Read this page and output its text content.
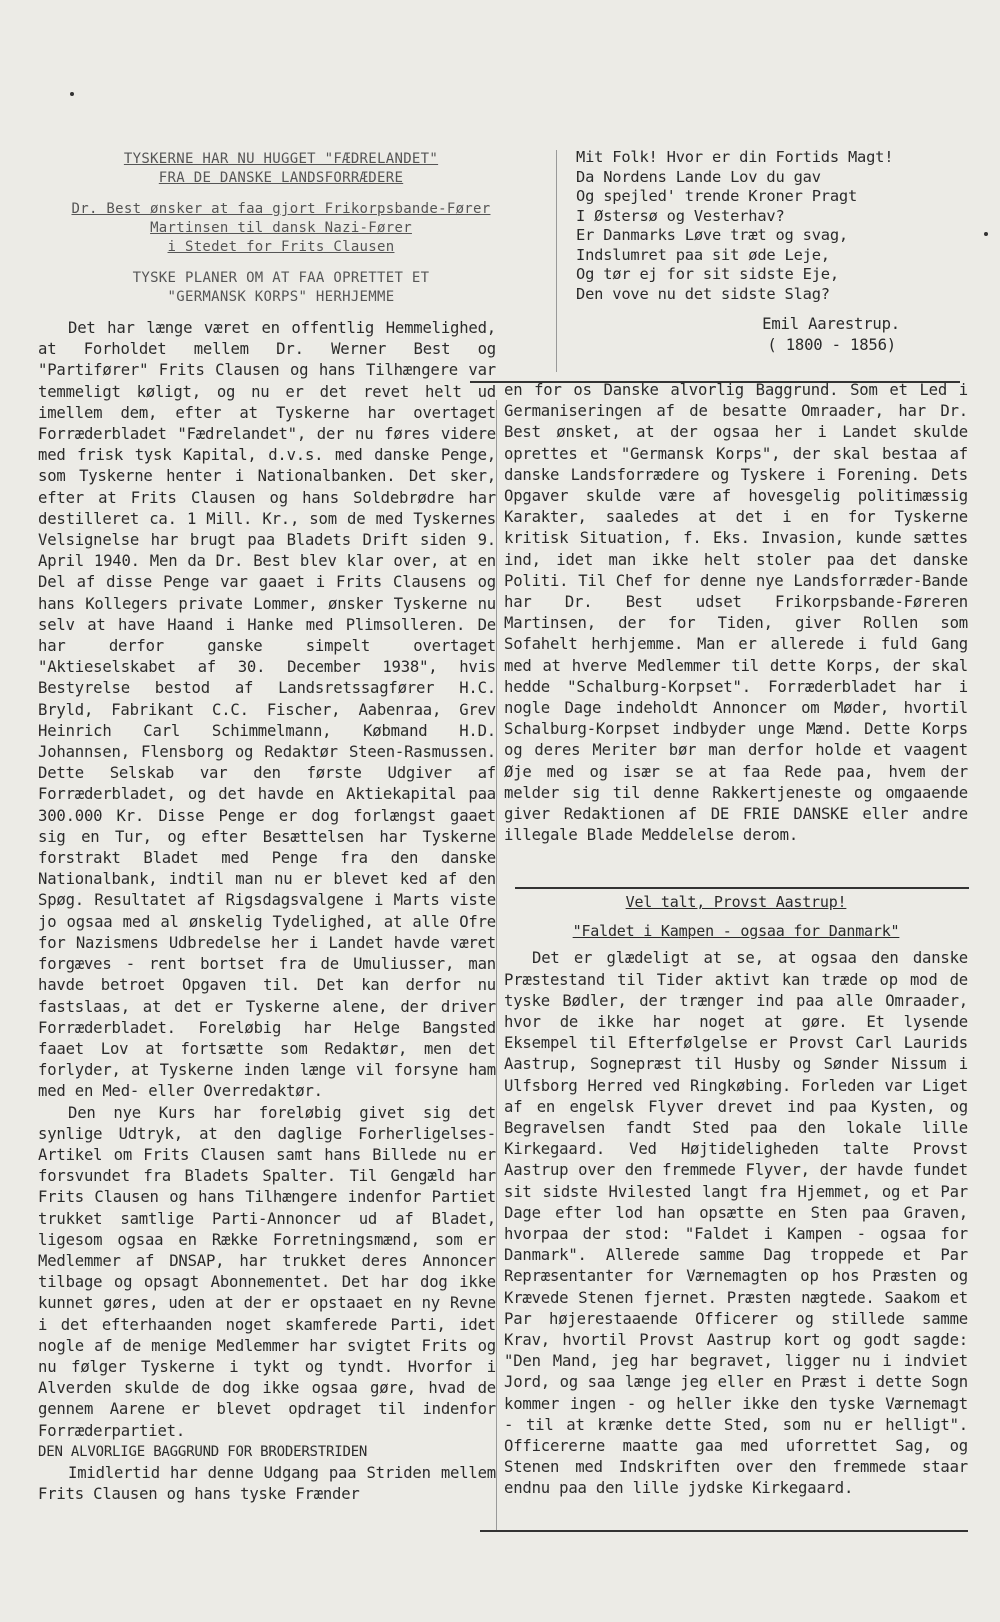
TYSKERNE HAR NU HUGGET "FÆDRELANDET"
FRA DE DANSKE LANDSFORRÆDERE
Dr. Best ønsker at faa gjort Frikorpsbande-Fører
Martinsen til dansk Nazi-Fører
i Stedet for Frits Clausen
TYSKE PLANER OM AT FAA OPRETTET ET
"GERMANSK KORPS" HERHJEMME
Mit Folk! Hvor er din Fortids Magt!
Da Nordens Lande Lov du gav
Og spejled' trende Kroner Pragt
I Østersø og Vesterhav?
Er Danmarks Løve træt og svag,
Indslumret paa sit øde Leje,
Og tør ej for sit sidste Eje,
Den vove nu det sidste Slag?
Emil Aarestrup.
( 1800 - 1856)

Det har længe været en offentlig Hemmelighed, at Forholdet mellem Dr. Werner Best og "Partifører" Frits Clausen og hans Tilhængere var temmeligt køligt, og nu er det revet helt ud imellem dem, efter at Tyskerne har overtaget Forræderbladet "Fædrelandet", der nu føres videre med frisk tysk Kapital, d.v.s. med danske Penge, som Tyskerne henter i Nationalbanken. Det sker, efter at Frits Clausen og hans Soldebrødre har destilleret ca. 1 Mill. Kr., som de med Tyskernes Velsignelse har brugt paa Bladets Drift siden 9. April 1940. Men da Dr. Best blev klar over, at en Del af disse Penge var gaaet i Frits Clausens og hans Kollegers private Lommer, ønsker Tyskerne nu selv at have Haand i Hanke med Plimsolleren. De har derfor ganske simpelt overtaget "Aktieselskabet af 30. December 1938", hvis Bestyrelse bestod af Landsretssagfører H.C. Bryld, Fabrikant C.C. Fischer, Aabenraa, Grev Heinrich Carl Schimmelmann, Købmand H.D. Johannsen, Flensborg og Redaktør Steen-Rasmussen. Dette Selskab var den første Udgiver af Forræderbladet, og det havde en Aktiekapital paa 300.000 Kr. Disse Penge er dog forlængst gaaet sig en Tur, og efter Besættelsen har Tyskerne forstrakt Bladet med Penge fra den danske Nationalbank, indtil man nu er blevet ked af den Spøg. Resultatet af Rigsdagsvalgene i Marts viste jo ogsaa med al ønskelig Tydelighed, at alle Ofre for Nazismens Udbredelse her i Landet havde været forgæves - rent bortset fra de Umuliusser, man havde betroet Opgaven til. Det kan derfor nu fastslaas, at det er Tyskerne alene, der driver Forræderbladet. Foreløbig har Helge Bangsted faaet Lov at fortsætte som Redaktør, men det forlyder, at Tyskerne inden længe vil forsyne ham med en Med- eller Overredaktør.

Den nye Kurs har foreløbig givet sig det synlige Udtryk, at den daglige Forherligelses-Artikel om Frits Clausen samt hans Billede nu er forsvundet fra Bladets Spalter. Til Gengæld har Frits Clausen og hans Tilhængere indenfor Partiet trukket samtlige Parti-Annoncer ud af Bladet, ligesom ogsaa en Række Forretningsmænd, som er Medlemmer af DNSAP, har trukket deres Annoncer tilbage og opsagt Abonnementet. Det har dog ikke kunnet gøres, uden at der er opstaaet en ny Revne i det efterhaanden noget skamferede Parti, idet nogle af de menige Medlemmer har svigtet Frits og nu følger Tyskerne i tykt og tyndt. Hvorfor i Alverden skulde de dog ikke ogsaa gøre, hvad de gennem Aarene er blevet opdraget til indenfor Forræderpartiet.

DEN ALVORLIGE BAGGRUND FOR BRODERSTRIDEN

Imidlertid har denne Udgang paa Striden mellem Frits Clausen og hans tyske Frænder

en for os Danske alvorlig Baggrund. Som et Led i Germaniseringen af de besatte Omraader, har Dr. Best ønsket, at der ogsaa her i Landet skulde oprettes et "Germansk Korps", der skal bestaa af danske Landsforrædere og Tyskere i Forening. Dets Opgaver skulde være af hovesgelig politimæssig Karakter, saaledes at det i en for Tyskerne kritisk Situation, f. Eks. Invasion, kunde sættes ind, idet man ikke helt stoler paa det danske Politi. Til Chef for denne nye Landsforræder-Bande har Dr. Best udset Frikorpsbande-Føreren Martinsen, der for Tiden, giver Rollen som Sofahelt herhjemme. Man er allerede i fuld Gang med at hverve Medlemmer til dette Korps, der skal hedde "Schalburg-Korpset". Forræderbladet har i nogle Dage indeholdt Annoncer om Møder, hvortil Schalburg-Korpset indbyder unge Mænd. Dette Korps og deres Meriter bør man derfor holde et vaagent Øje med og især se at faa Rede paa, hvem der melder sig til denne Rakkertjeneste og omgaaende giver Redaktionen af DE FRIE DANSKE eller andre illegale Blade Meddelelse derom.

Vel talt, Provst Aastrup!
"Faldet i Kampen - ogsaa for Danmark"

Det er glædeligt at se, at ogsaa den danske Præstestand til Tider aktivt kan træde op mod de tyske Bødler, der trænger ind paa alle Omraader, hvor de ikke har noget at gøre. Et lysende Eksempel til Efterfølgelse er Provst Carl Laurids Aastrup, Sognepræst til Husby og Sønder Nissum i Ulfsborg Herred ved Ringkøbing. Forleden var Liget af en engelsk Flyver drevet ind paa Kysten, og Begravelsen fandt Sted paa den lokale lille Kirkegaard. Ved Højtideligheden talte Provst Aastrup over den fremmede Flyver, der havde fundet sit sidste Hvilested langt fra Hjemmet, og et Par Dage efter lod han opsætte en Sten paa Graven, hvorpaa der stod: "Faldet i Kampen - ogsaa for Danmark". Allerede samme Dag troppede et Par Repræsentanter for Værnemagten op hos Præsten og Krævede Stenen fjernet. Præsten nægtede. Saakom et Par højerestaaende Officerer og stillede samme Krav, hvortil Provst Aastrup kort og godt sagde: "Den Mand, jeg har begravet, ligger nu i indviet Jord, og saa længe jeg eller en Præst i dette Sogn kommer ingen - og heller ikke den tyske Værnemagt - til at krænke dette Sted, som nu er helligt". Officererne maatte gaa med uforrettet Sag, og Stenen med Indskriften over den fremmede staar endnu paa den lille jydske Kirkegaard.
